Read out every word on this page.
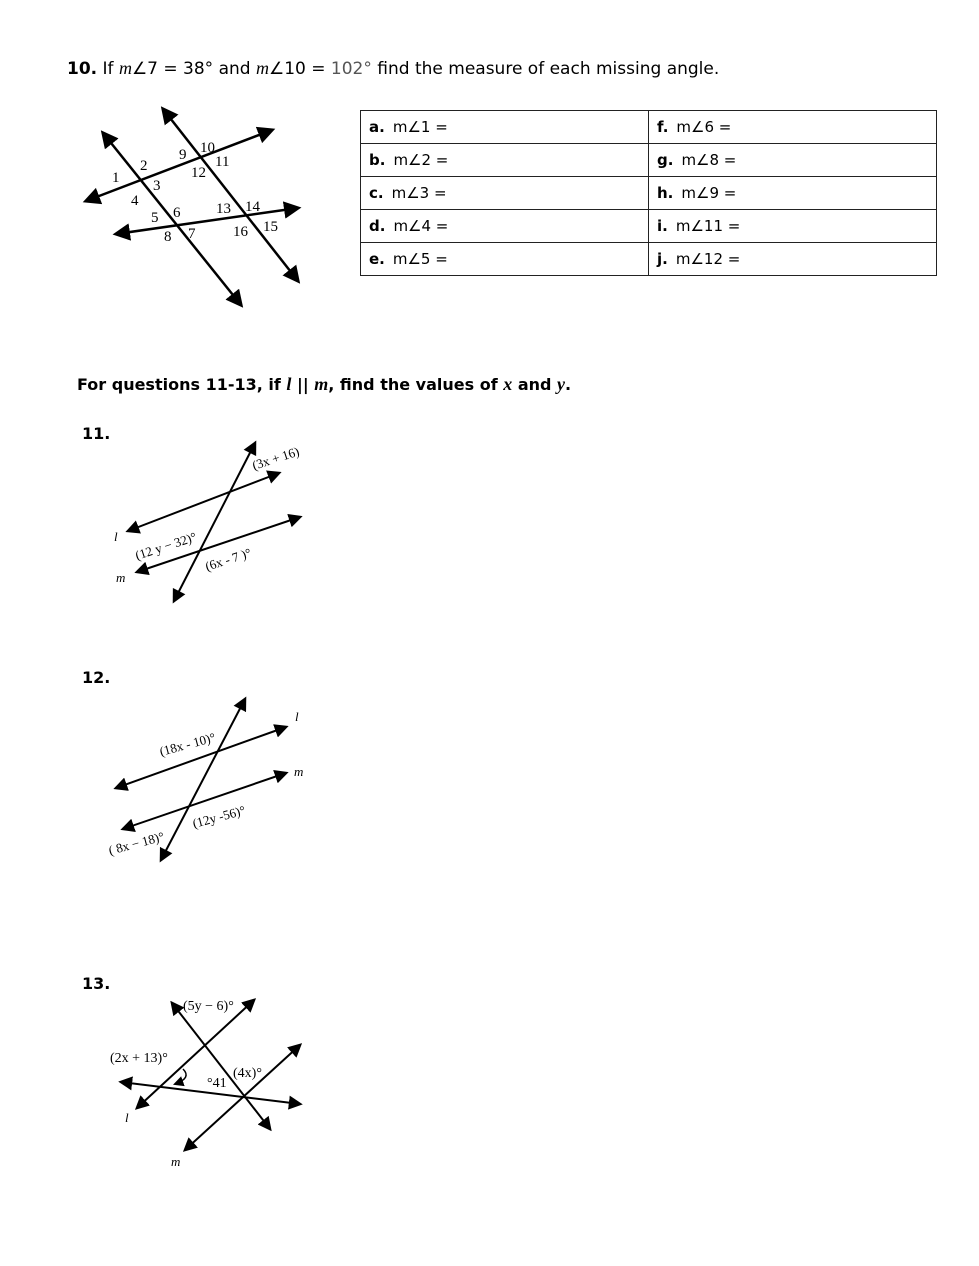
10. If m∠7 = 38° and m∠10 = 102° find the measure of each missing angle.
a. m∠1 =	f. m∠6 =
b. m∠2 =	g. m∠8 =
c. m∠3 =	h. m∠9 =
d. m∠4 =	i. m∠11 =
e. m∠5 =	j. m∠12 =
For questions 11-13, if l || m, find the values of x and y.
11.
12.
13.
1
2
3
4
5 6
7
8
9 10
11
12
13 14
15
16
(3x + 16)
(12 y − 32)° (6x - 7 )°
l
m
(18x - 10)°
( 8x − 18)°
(12y -56)°
l
m
(5y − 6)°
(2x + 13)°
°41
(4x)°
l
m
